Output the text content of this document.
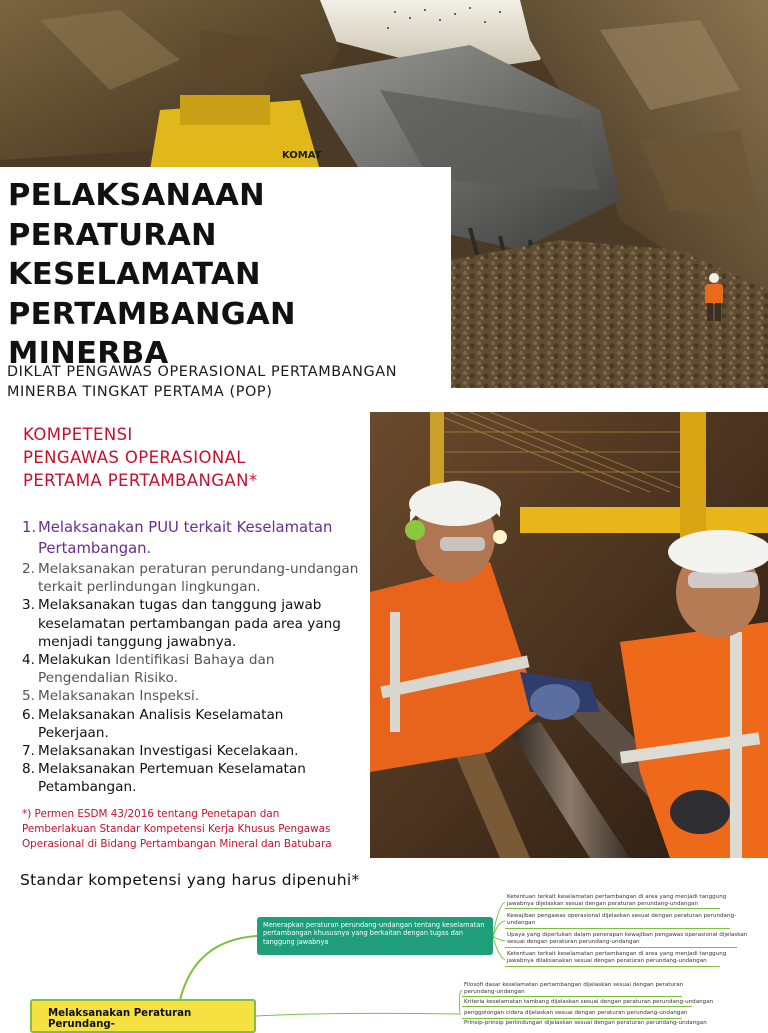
PELAKSANAAN
PERATURAN
KESELAMATAN
PERTAMBANGAN
MINERBA
DIKLAT PENGAWAS OPERASIONAL PERTAMBANGAN
MINERBA TINGKAT PERTAMA (POP)
KOMAT
KOMPETENSI
PENGAWAS OPERASIONAL
PERTAMA PERTAMBANGAN*
1. Melaksanakan PUU terkait Keselamatan
Pertambangan.
2. Melaksanakan peraturan perundang-undangan
terkait perlindungan lingkungan.
3. Melaksanakan tugas dan tanggung jawab
keselamatan pertambangan pada area yang
menjadi tanggung jawabnya.
4. Melakukan Identifikasi Bahaya dan
Pengendalian Risiko.
5. Melaksanakan Inspeksi.
6. Melaksanakan Analisis Keselamatan
Pekerjaan.
7. Melaksanakan Investigasi Kecelakaan.
8. Melaksanakan Pertemuan Keselamatan
Petambangan.
*) Permen ESDM 43/2016 tentang Penetapan dan
Pemberlakuan Standar Kompetensi Kerja Khusus Pengawas
Operasional di Bidang Pertambangan Mineral dan Batubara
Standar kompetensi yang harus dipenuhi*
Menerapkan peraturan perundang-undangan tentang keselamatan
pertambangan khususnya yang berkaitan dengan tugas dan
tanggung jawabnya
Melaksanakan Peraturan Perundang-
Ketentuan terkait keselamatan pertambangan di area yang menjadi tanggung
jawabnya dijelaskan sesuai dengan peraturan perundang-undangan
Kewajiban pengawas operasional dijelaskan sesuai dengan peraturan perundang-
undangan
Upaya yang diperlukan dalam penerapan kewajiban pengawas operasional dijelaskan
sesuai dengan peraturan perundang-undangan
Ketentuan terkait keselamatan pertambangan di area yang menjadi tanggung
jawabnya dilaksanakan sesuai dengan peraturan perundang-undangan
Filosofi dasar keselamatan pertambangan dijelaskan sesuai dengan peraturan
perundang-undangan
Kriteria keselamatan tambang dijelaskan sesuai dengan peraturan perundang-undangan
penggolongan cidera dijelaskan sesuai dengan peraturan perundang-undangan
Prinsip-prinsip perlindungan dijelaskan sesuai dengan peraturan perundang-undangan
